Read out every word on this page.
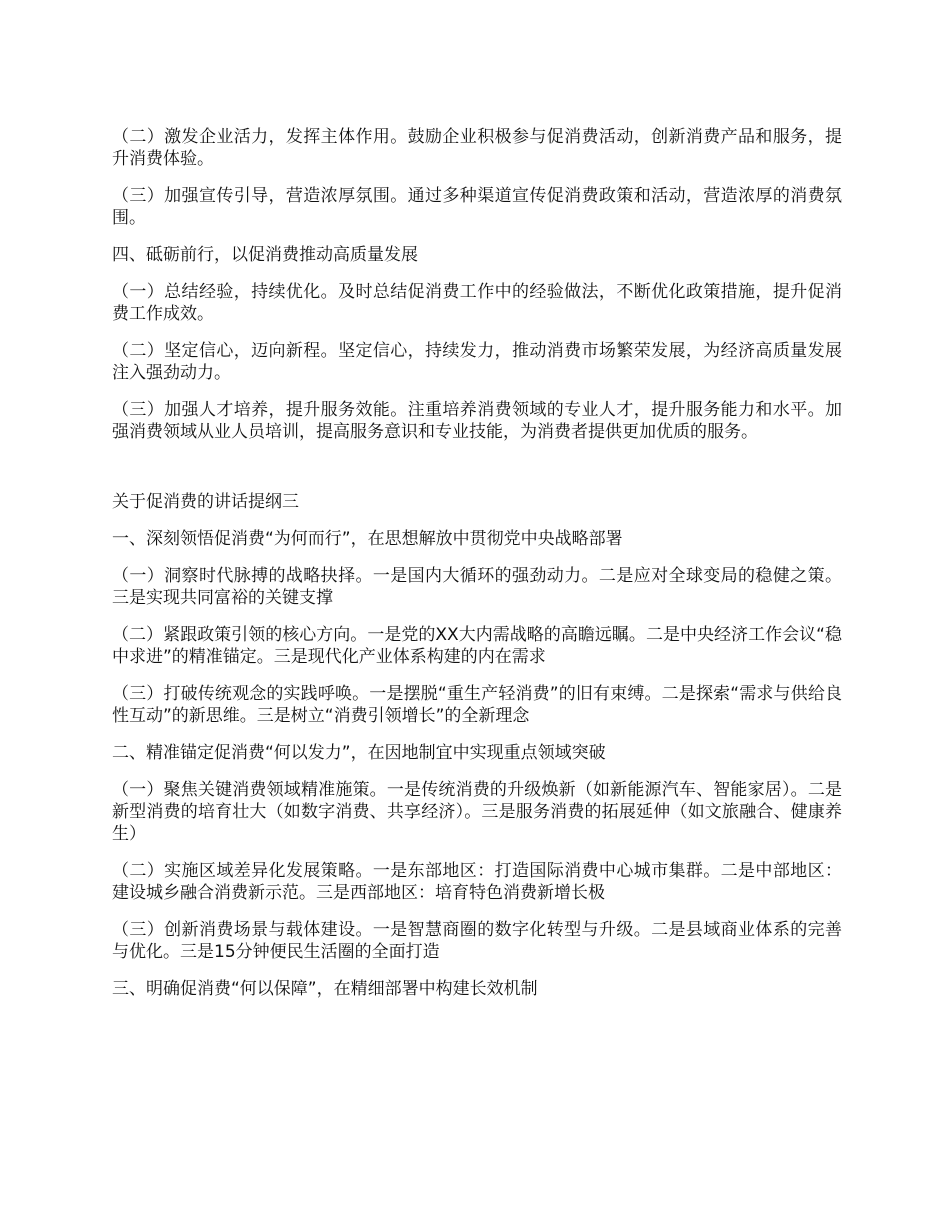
（二）激发企业活力，发挥主体作用。鼓励企业积极参与促消费活动，创新消费产品和服务，提升消费体验。

（三）加强宣传引导，营造浓厚氛围。通过多种渠道宣传促消费政策和活动，营造浓厚的消费氛围。

四、砥砺前行，以促消费推动高质量发展

（一）总结经验，持续优化。及时总结促消费工作中的经验做法，不断优化政策措施，提升促消费工作成效。

（二）坚定信心，迈向新程。坚定信心，持续发力，推动消费市场繁荣发展，为经济高质量发展注入强劲动力。

（三）加强人才培养，提升服务效能。注重培养消费领域的专业人才，提升服务能力和水平。加强消费领域从业人员培训，提高服务意识和专业技能，为消费者提供更加优质的服务。

关于促消费的讲话提纲三

一、深刻领悟促消费“为何而行”，在思想解放中贯彻党中央战略部署

（一）洞察时代脉搏的战略抉择。一是国内大循环的强劲动力。二是应对全球变局的稳健之策。三是实现共同富裕的关键支撑

（二）紧跟政策引领的核心方向。一是党的XX大内需战略的高瞻远瞩。二是中央经济工作会议“稳中求进”的精准锚定。三是现代化产业体系构建的内在需求

（三）打破传统观念的实践呼唤。一是摆脱“重生产轻消费”的旧有束缚。二是探索“需求与供给良性互动”的新思维。三是树立“消费引领增长”的全新理念

二、精准锚定促消费“何以发力”，在因地制宜中实现重点领域突破

（一）聚焦关键消费领域精准施策。一是传统消费的升级焕新（如新能源汽车、智能家居）。二是新型消费的培育壮大（如数字消费、共享经济）。三是服务消费的拓展延伸（如文旅融合、健康养生）

（二）实施区域差异化发展策略。一是东部地区：打造国际消费中心城市集群。二是中部地区：建设城乡融合消费新示范。三是西部地区：培育特色消费新增长极

（三）创新消费场景与载体建设。一是智慧商圈的数字化转型与升级。二是县域商业体系的完善与优化。三是15分钟便民生活圈的全面打造

三、明确促消费“何以保障”，在精细部署中构建长效机制
